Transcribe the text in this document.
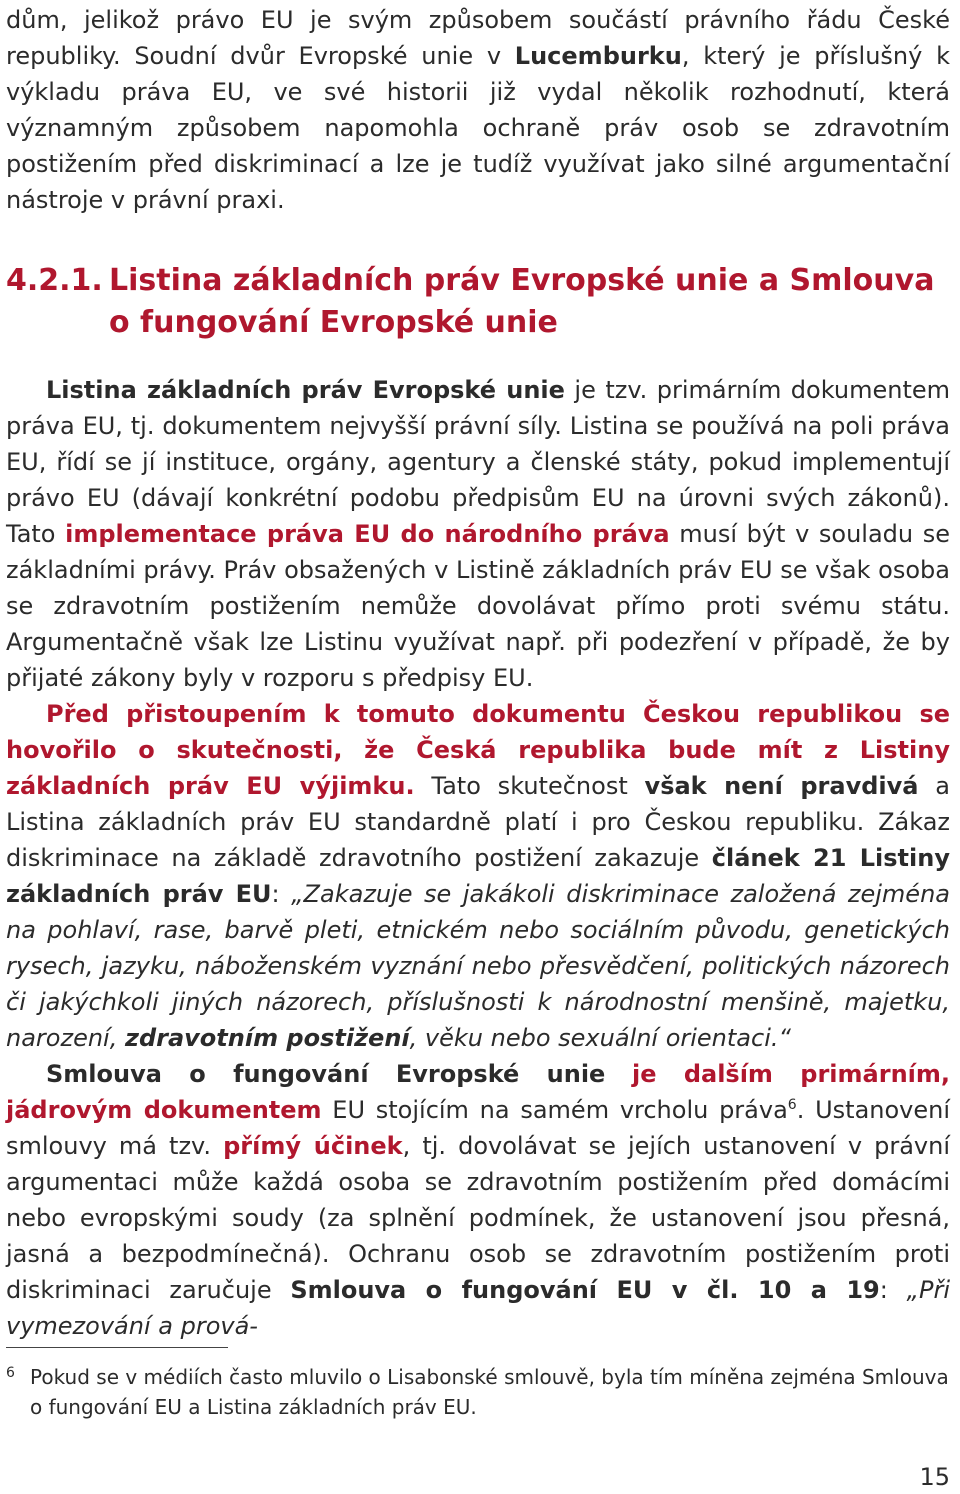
dům, jelikož právo EU je svým způsobem součástí právního řádu České republiky. Soudní dvůr Evropské unie v Lucemburku, který je příslušný k výkladu práva EU, ve své historii již vydal několik rozhodnutí, která významným způsobem napomohla ochraně práv osob se zdravotním postižením před diskriminací a lze je tudíž využívat jako silné argumentační nástroje v právní praxi.

4.2.1. Listina základních práv Evropské unie a Smlouva o fungování Evropské unie

Listina základních práv Evropské unie je tzv. primárním dokumentem práva EU, tj. dokumentem nejvyšší právní síly. Listina se používá na poli práva EU, řídí se jí instituce, orgány, agentury a členské státy, pokud implementují právo EU (dávají konkrétní podobu předpisům EU na úrovni svých zákonů). Tato implementace práva EU do národního práva musí být v souladu se základními právy. Práv obsažených v Listině základních práv EU se však osoba se zdravotním postižením nemůže dovolávat přímo proti svému státu. Argumentačně však lze Listinu využívat např. při podezření v případě, že by přijaté zákony byly v rozporu s předpisy EU.

Před přistoupením k tomuto dokumentu Českou republikou se hovořilo o skutečnosti, že Česká republika bude mít z Listiny základních práv EU výjimku. Tato skutečnost však není pravdivá a Listina základních práv EU standardně platí i pro Českou republiku. Zákaz diskriminace na základě zdravotního postižení zakazuje článek 21 Listiny základních práv EU: „Zakazuje se jakákoli diskriminace založená zejména na pohlaví, rase, barvě pleti, etnickém nebo sociálním původu, genetických rysech, jazyku, náboženském vyznání nebo přesvědčení, politických názorech či jakýchkoli jiných názorech, příslušnosti k národnostní menšině, majetku, narození, zdravotním postižení, věku nebo sexuální orientaci.“

Smlouva o fungování Evropské unie je dalším primárním, jádrovým dokumentem EU stojícím na samém vrcholu práva$^6$. Ustanovení smlouvy má tzv. přímý účinek, tj. dovolávat se jejích ustanovení v právní argumentaci může každá osoba se zdravotním postižením před domácími nebo evropskými soudy (za splnění podmínek, že ustanovení jsou přesná, jasná a bezpodmínečná). Ochranu osob se zdravotním postižením proti diskriminaci zaručuje Smlouva o fungování EU v čl. 10 a 19: „Při vymezování a prová-

6 Pokud se v médiích často mluvilo o Lisabonské smlouvě, byla tím míněna zejména Smlouva o fungování EU a Listina základních práv EU.
15
